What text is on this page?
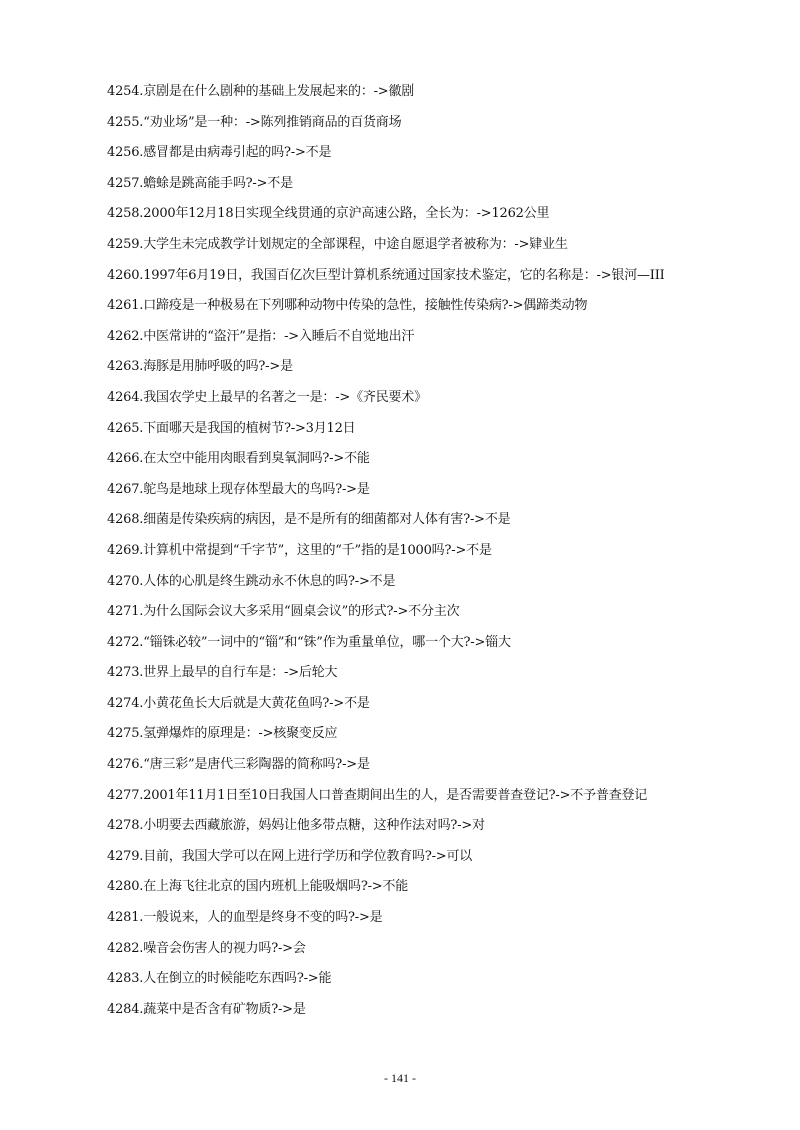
4254.京剧是在什么剧种的基础上发展起来的：->徽剧
4255.“劝业场”是一种：->陈列推销商品的百货商场
4256.感冒都是由病毒引起的吗?->不是
4257.蟾蜍是跳高能手吗?->不是
4258.2000年12月18日实现全线贯通的京沪高速公路，全长为：->1262公里
4259.大学生未完成教学计划规定的全部课程，中途自愿退学者被称为：->肄业生
4260.1997年6月19日，我国百亿次巨型计算机系统通过国家技术鉴定，它的名称是：->银河—III
4261.口蹄疫是一种极易在下列哪种动物中传染的急性，接触性传染病?->偶蹄类动物
4262.中医常讲的“盗汗”是指：->入睡后不自觉地出汗
4263.海豚是用肺呼吸的吗?->是
4264.我国农学史上最早的名著之一是：->《齐民要术》
4265.下面哪天是我国的植树节?->3月12日
4266.在太空中能用肉眼看到臭氧洞吗?->不能
4267.鸵鸟是地球上现存体型最大的鸟吗?->是
4268.细菌是传染疾病的病因，是不是所有的细菌都对人体有害?->不是
4269.计算机中常提到“千字节”，这里的“千”指的是1000吗?->不是
4270.人体的心肌是终生跳动永不休息的吗?->不是
4271.为什么国际会议大多采用“圆桌会议”的形式?->不分主次
4272.“锱铢必较”一词中的“锱”和“铢”作为重量单位，哪一个大?->锱大
4273.世界上最早的自行车是：->后轮大
4274.小黄花鱼长大后就是大黄花鱼吗?->不是
4275.氢弹爆炸的原理是：->核聚变反应
4276.“唐三彩”是唐代三彩陶器的简称吗?->是
4277.2001年11月1日至10日我国人口普查期间出生的人，是否需要普查登记?->不予普查登记
4278.小明要去西藏旅游，妈妈让他多带点糖，这种作法对吗?->对
4279.目前，我国大学可以在网上进行学历和学位教育吗?->可以
4280.在上海飞往北京的国内班机上能吸烟吗?->不能
4281.一般说来，人的血型是终身不变的吗?->是
4282.噪音会伤害人的视力吗?->会
4283.人在倒立的时候能吃东西吗?->能
4284.蔬菜中是否含有矿物质?->是
- 141 -
